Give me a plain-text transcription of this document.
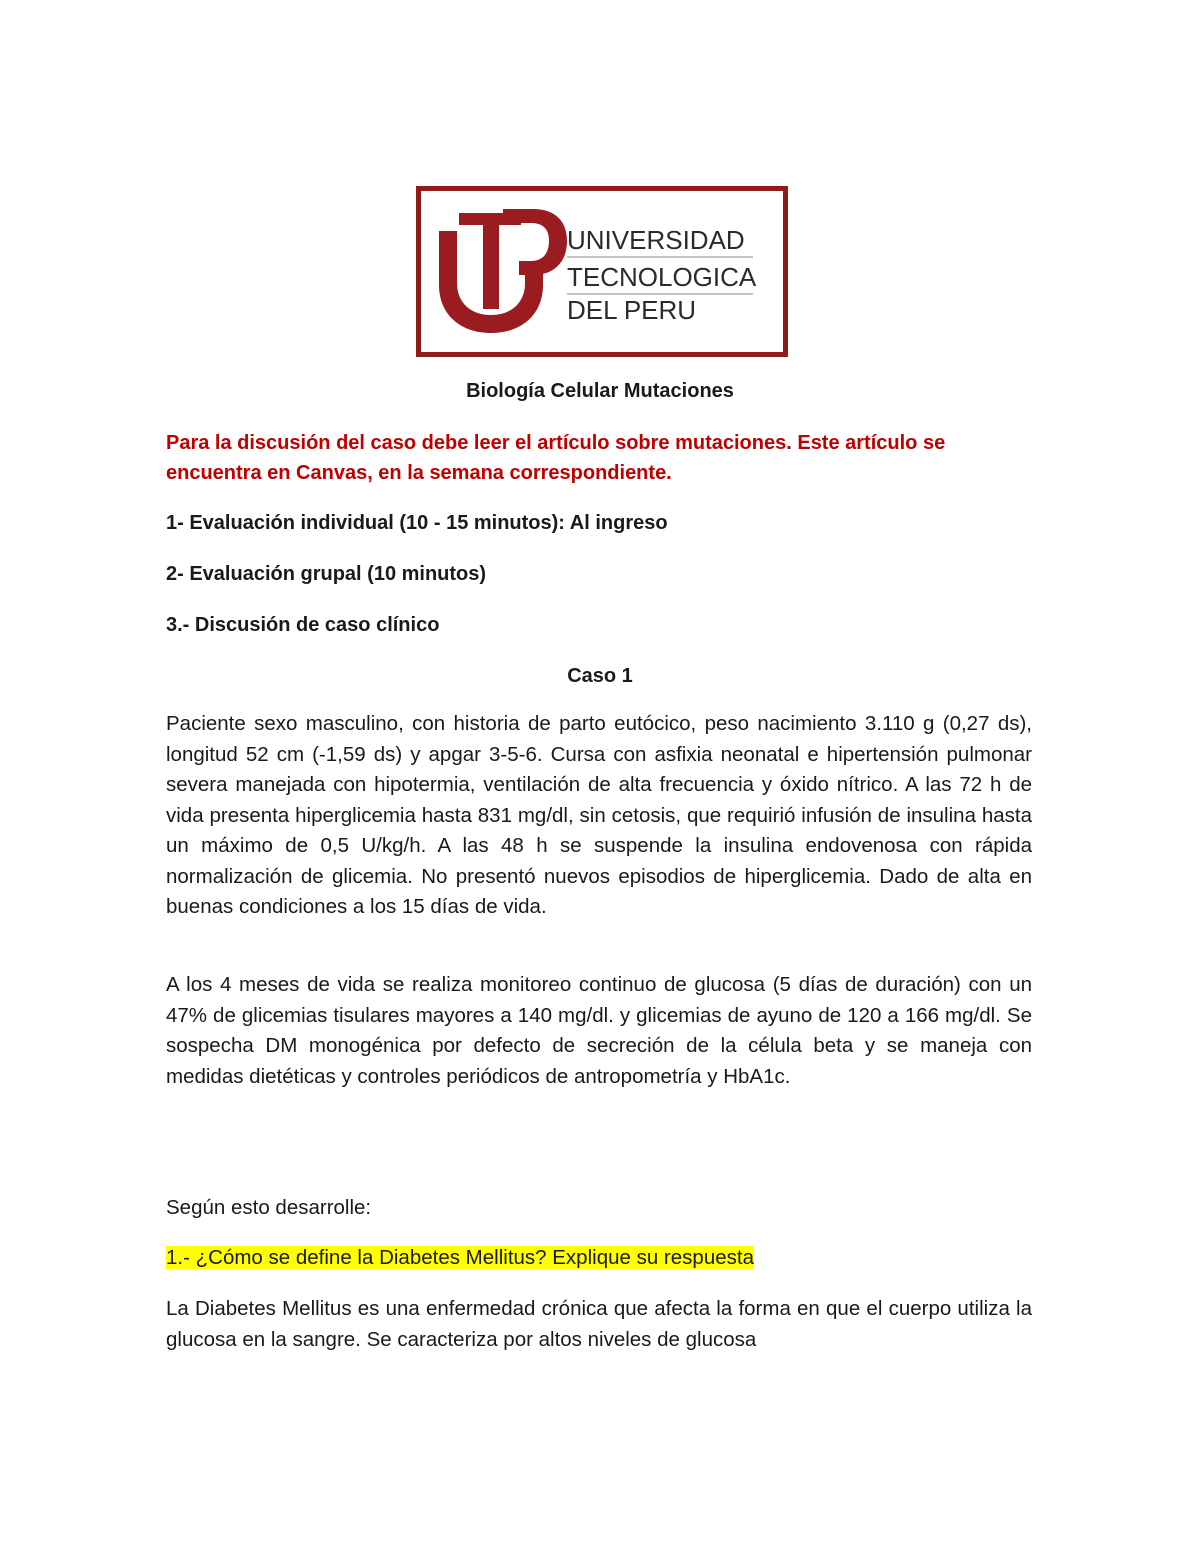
UNIVERSIDAD
TECNOLOGICA
DEL PERU
Biología Celular Mutaciones

Para la discusión del caso debe leer el artículo sobre mutaciones. Este artículo se encuentra en Canvas, en la semana correspondiente.

1- Evaluación individual (10 - 15 minutos): Al ingreso

2- Evaluación grupal (10 minutos)

3.- Discusión de caso clínico

Caso 1

Paciente sexo masculino, con historia de parto eutócico, peso nacimiento 3.110 g (0,27 ds), longitud 52 cm (-1,59 ds) y apgar 3-5-6. Cursa con asfixia neonatal e hipertensión pulmonar severa manejada con hipotermia, ventilación de alta frecuencia y óxido nítrico. A las 72 h de vida presenta hiperglicemia hasta 831 mg/dl, sin cetosis, que requirió infusión de insulina hasta un máximo de 0,5 U/kg/h. A las 48 h se suspende la insulina endovenosa con rápida normalización de glicemia. No presentó nuevos episodios de hiperglicemia. Dado de alta en buenas condiciones a los 15 días de vida.

A los 4 meses de vida se realiza monitoreo continuo de glucosa (5 días de duración) con un 47% de glicemias tisulares mayores a 140 mg/dl. y glicemias de ayuno de 120 a 166 mg/dl. Se sospecha DM monogénica por defecto de secreción de la célula beta y se maneja con medidas dietéticas y controles periódicos de antropometría y HbA1c.

Según esto desarrolle:

1.- ¿Cómo se define la Diabetes Mellitus? Explique su respuesta

La Diabetes Mellitus es una enfermedad crónica que afecta la forma en que el cuerpo utiliza la glucosa en la sangre. Se caracteriza por altos niveles de glucosa
